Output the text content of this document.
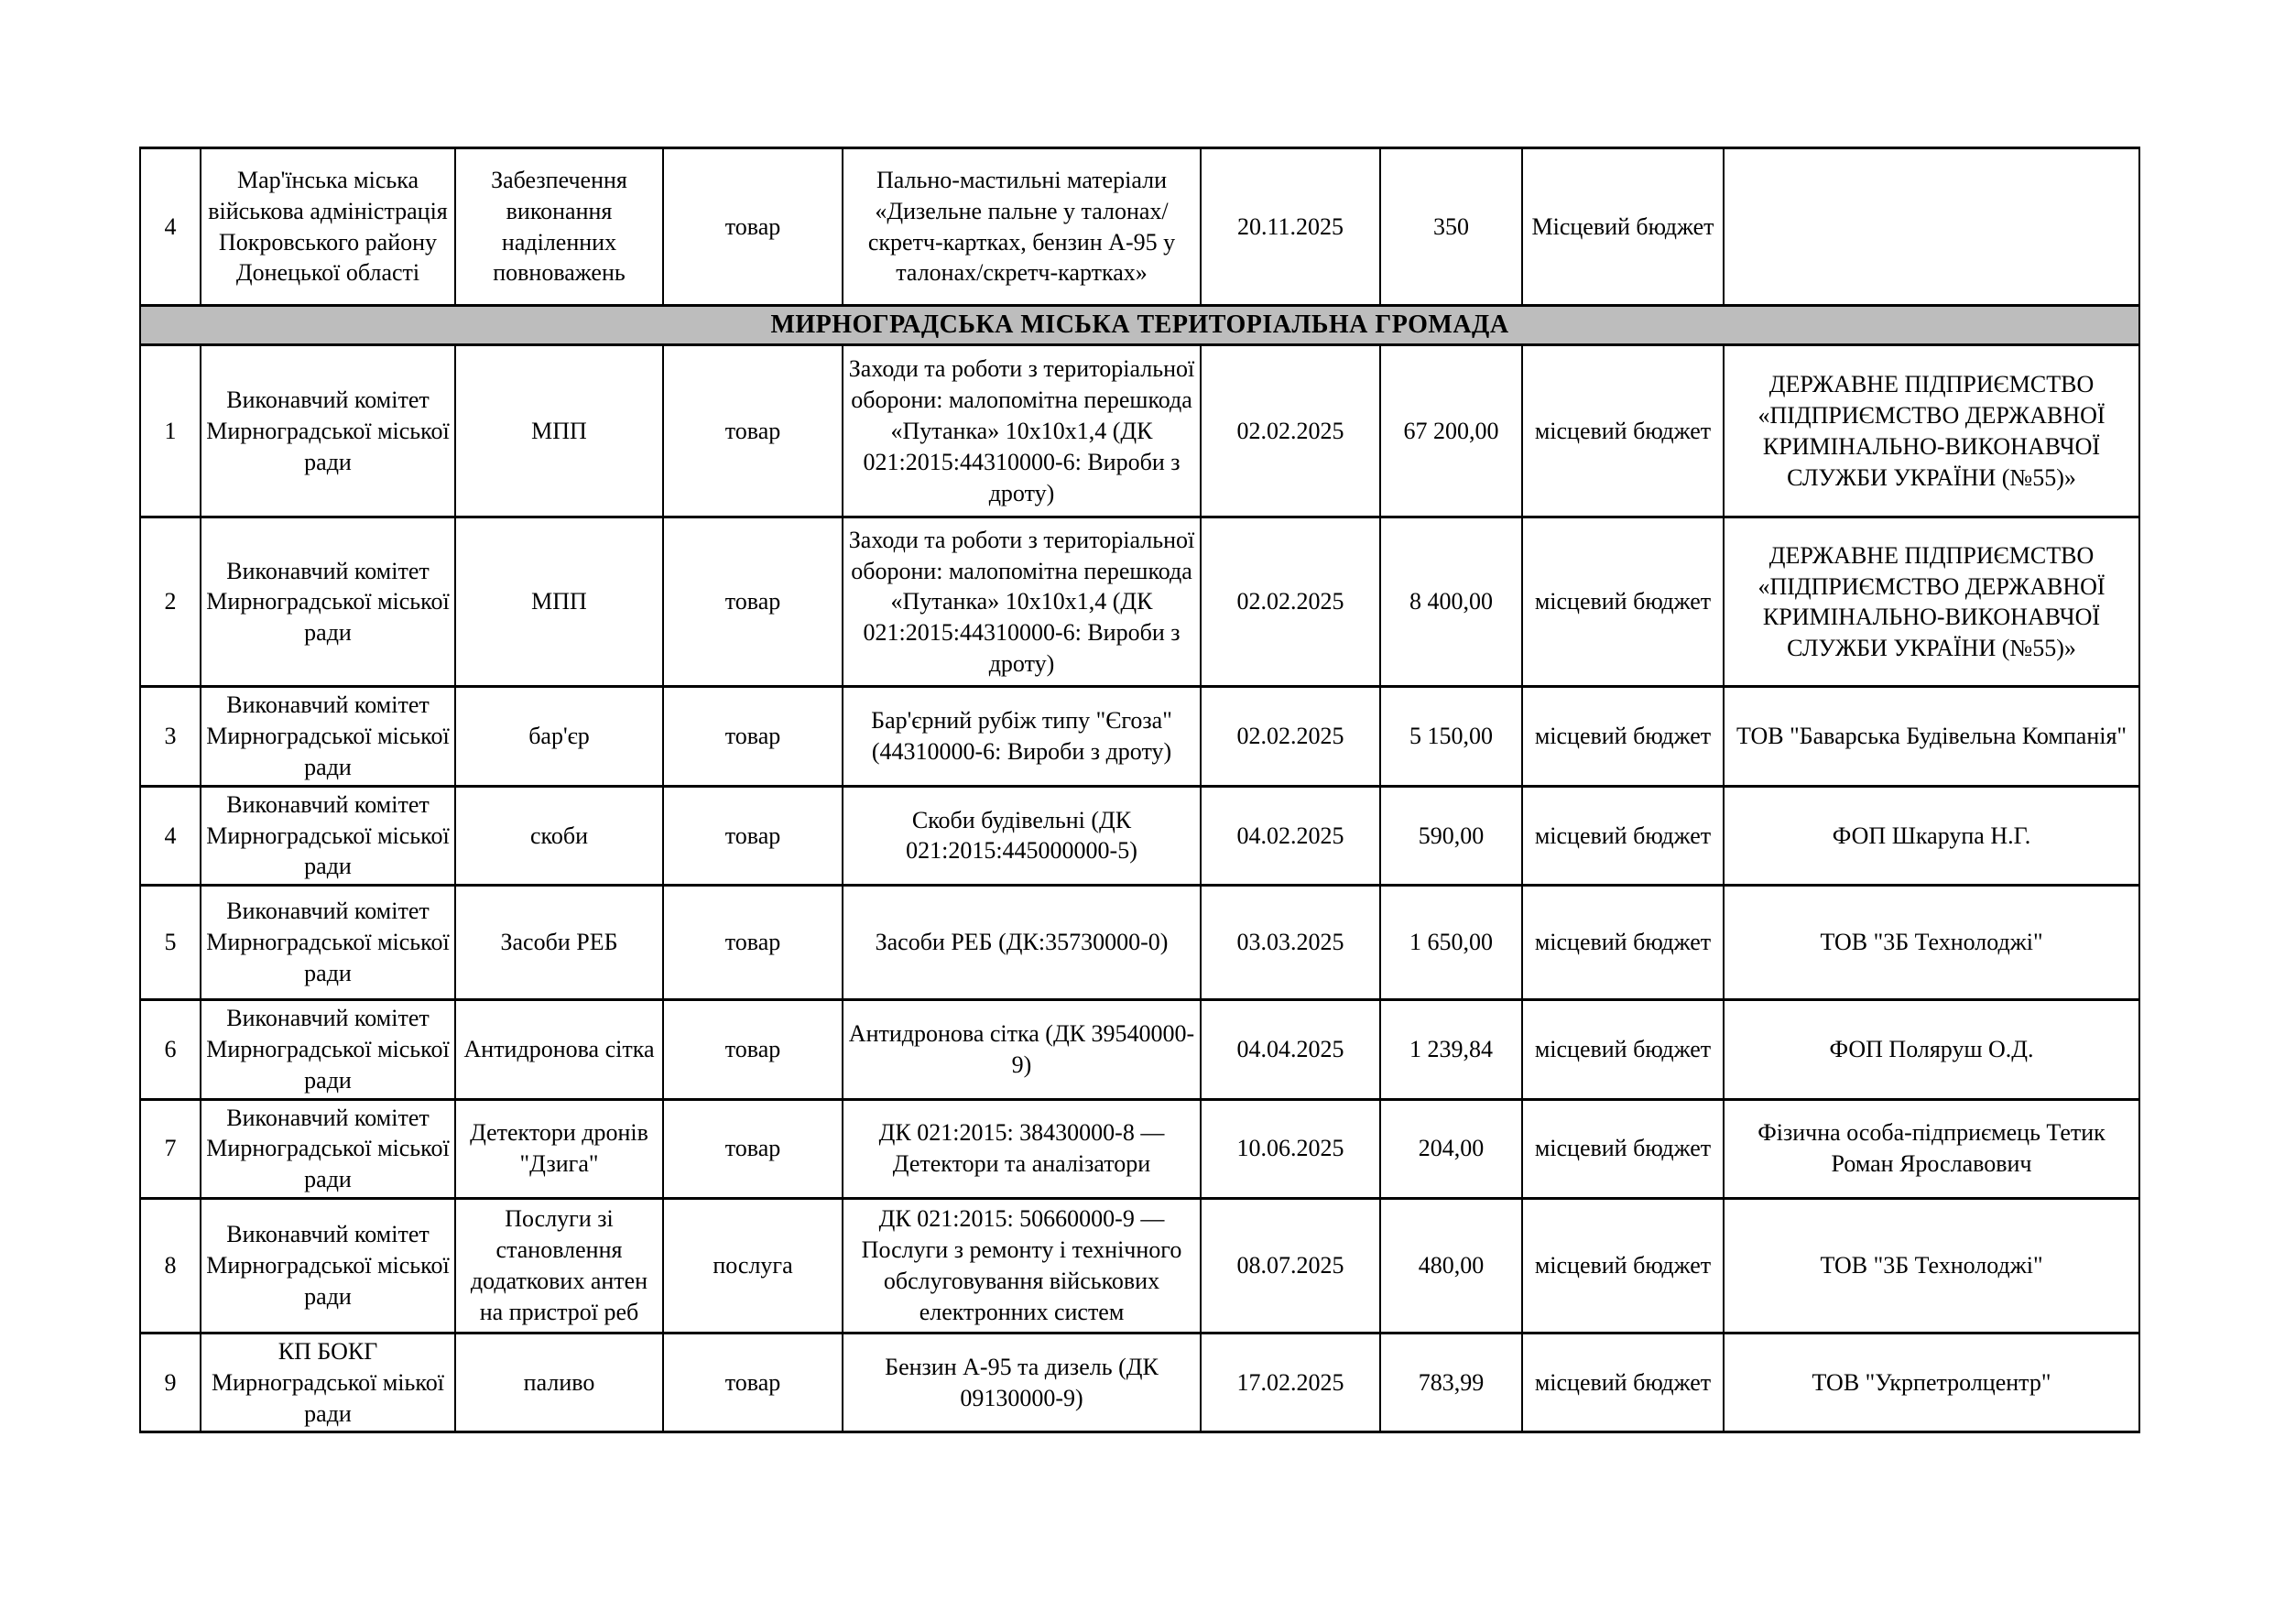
4	Мар'їнська міська військова адміністрація Покровського району Донецької області	Забезпечення виконання наділенних повноважень	товар	Пально-мастильні матеріали «Дизельне пальне у талонах/скретч-картках, бензин А-95 у талонах/скретч-картках»	20.11.2025	350	Місцевий бюджет	
МИРНОГРАДСЬКА МІСЬКА ТЕРИТОРІАЛЬНА ГРОМАДА								
1	Виконавчий комітет Мирноградської міської ради	МПП	товар	Заходи та роботи з територіальної оборони: малопомітна перешкода «Путанка» 10х10х1,4 (ДК 021:2015:44310000-6: Вироби з дроту)	02.02.2025	67 200,00	місцевий бюджет	ДЕРЖАВНЕ ПІДПРИЄМСТВО «ПІДПРИЄМСТВО ДЕРЖАВНОЇ КРИМІНАЛЬНО-ВИКОНАВЧОЇ СЛУЖБИ УКРАЇНИ (№55)»
2	Виконавчий комітет Мирноградської міської ради	МПП	товар	Заходи та роботи з територіальної оборони: малопомітна перешкода «Путанка» 10х10х1,4 (ДК 021:2015:44310000-6: Вироби з дроту)	02.02.2025	8 400,00	місцевий бюджет	ДЕРЖАВНЕ ПІДПРИЄМСТВО «ПІДПРИЄМСТВО ДЕРЖАВНОЇ КРИМІНАЛЬНО-ВИКОНАВЧОЇ СЛУЖБИ УКРАЇНИ (№55)»
3	Виконавчий комітет Мирноградської міської ради	бар'єр	товар	Бар'єрний рубіж типу "Єгоза" (44310000-6: Вироби з дроту)	02.02.2025	5 150,00	місцевий бюджет	ТОВ "Баварська Будівельна Компанія"
4	Виконавчий комітет Мирноградської міської ради	скоби	товар	Скоби будівельні (ДК 021:2015:445000000-5)	04.02.2025	590,00	місцевий бюджет	ФОП Шкарупа Н.Г.
5	Виконавчий комітет Мирноградської міської ради	Засоби РЕБ	товар	Засоби РЕБ (ДК:35730000-0)	03.03.2025	1 650,00	місцевий бюджет	ТОВ "3Б Технолоджі"
6	Виконавчий комітет Мирноградської міської ради	Антидронова сітка	товар	Антидронова сітка (ДК 39540000-9)	04.04.2025	1 239,84	місцевий бюджет	ФОП Поляруш О.Д.
7	Виконавчий комітет Мирноградської міської ради	Детектори дронів "Дзига"	товар	ДК 021:2015: 38430000-8 — Детектори та аналізатори	10.06.2025	204,00	місцевий бюджет	Фізична особа-підприємець Тетик Роман Ярославович
8	Виконавчий комітет Мирноградської міської ради	Послуги зі становлення додаткових антен на пристрої реб	послуга	ДК 021:2015: 50660000-9 — Послуги з ремонту і технічного обслуговування військових електронних систем	08.07.2025	480,00	місцевий бюджет	ТОВ "3Б Технолоджі"
9	КП БОКГ Мирноградської міької ради	паливо	товар	Бензин А-95 та дизель (ДК 09130000-9)	17.02.2025	783,99	місцевий бюджет	ТОВ "Укрпетролцентр"
